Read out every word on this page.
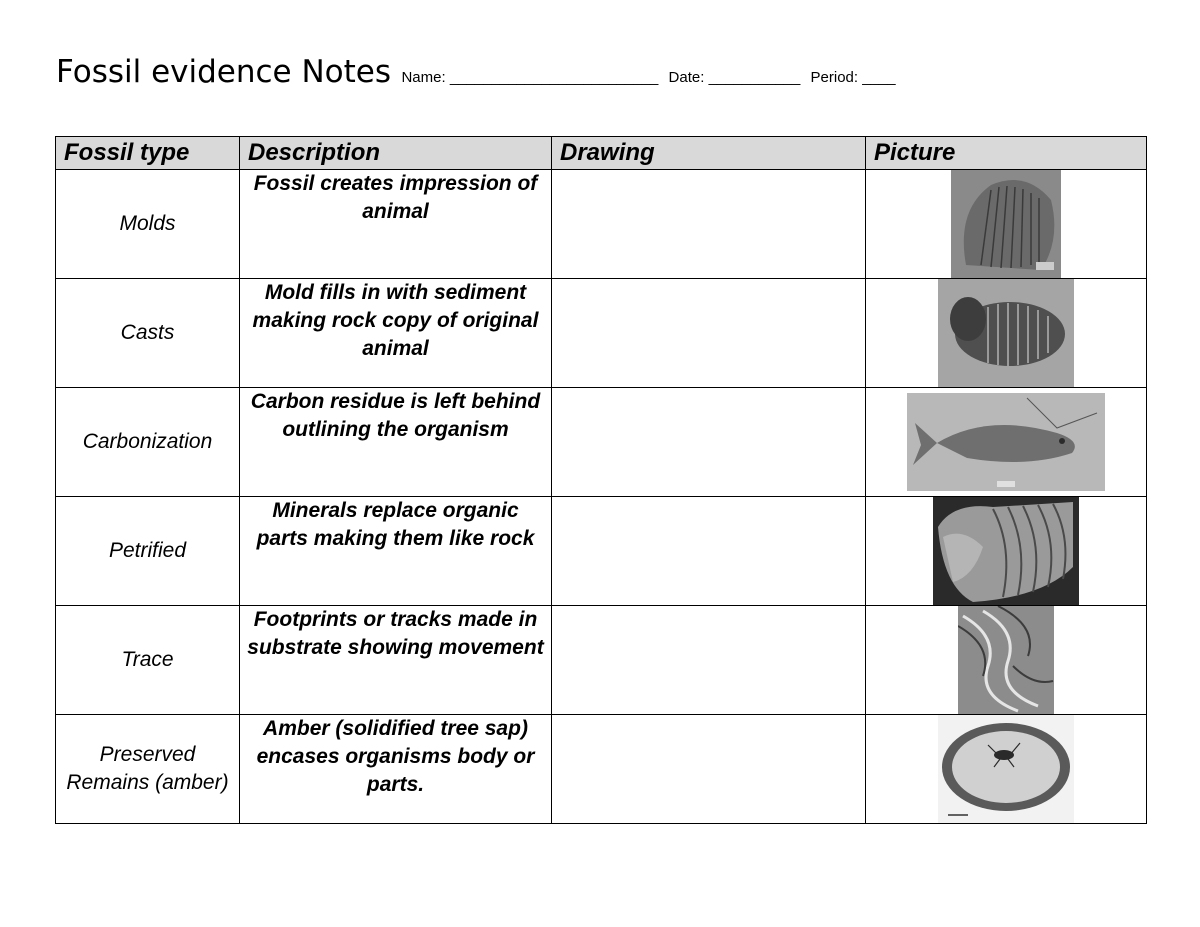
Fossil evidence Notes Name: _________________________ Date: ___________ Period: ____
Fossil type	Description	Drawing	Picture
Molds	Fossil creates impression of animal		

Casts	Mold fills in with sediment making rock copy of original animal		

Carbonization	Carbon residue is left behind outlining the organism		

Petrified	Minerals replace organic parts making them like rock		

Trace	Footprints or tracks made in substrate showing movement		

Preserved Remains (amber)	Amber (solidified tree sap) encases organisms body or parts.		
